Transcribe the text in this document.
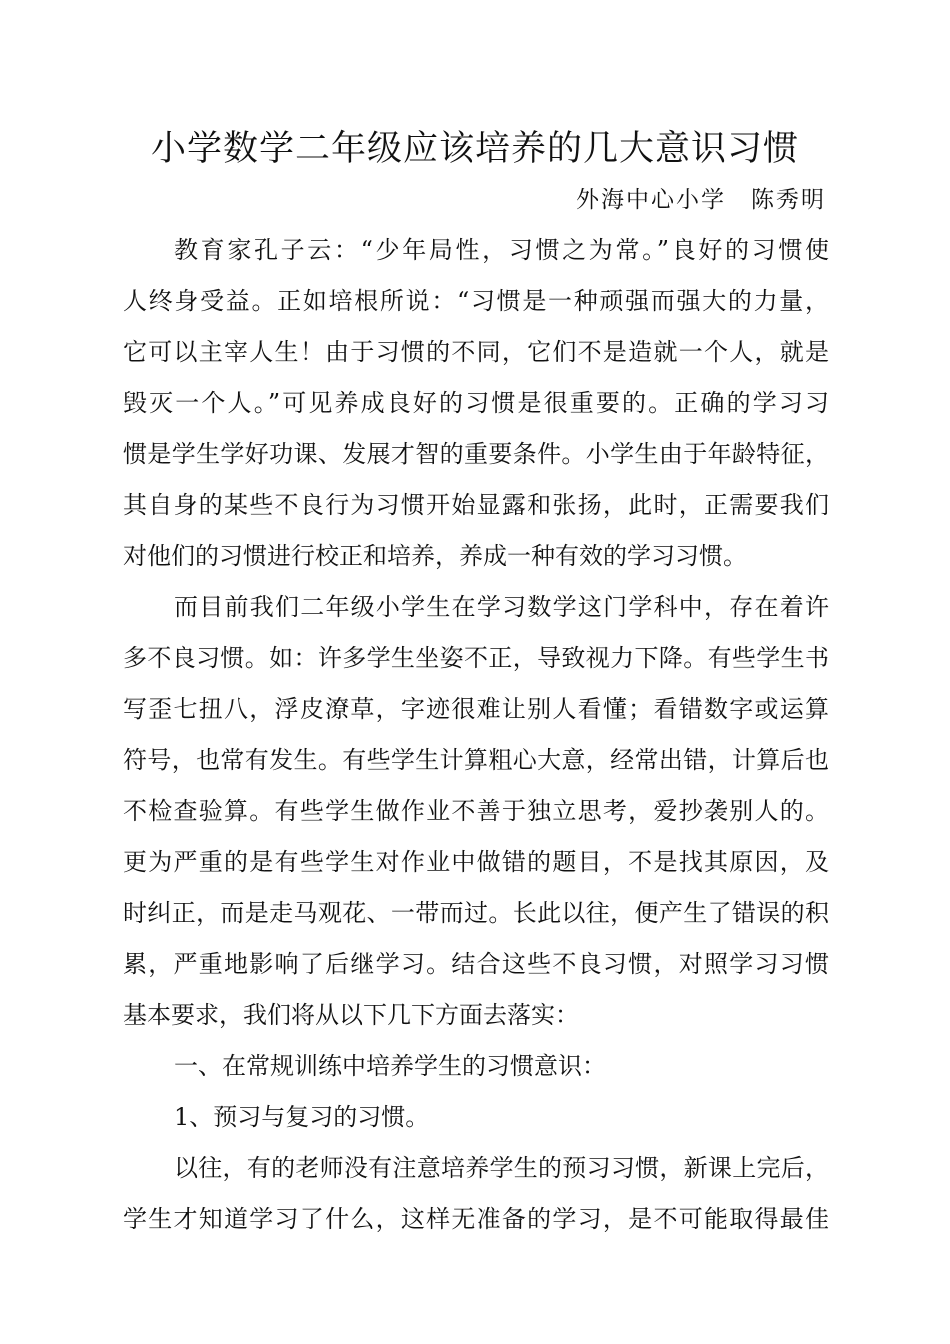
小学数学二年级应该培养的几大意识习惯
外海中心小学　陈秀明
教育家孔子云：“少年局性，习惯之为常。”良好的习惯使
人终身受益。正如培根所说：“习惯是一种顽强而强大的力量，
它可以主宰人生！由于习惯的不同，它们不是造就一个人，就是
毁灭一个人。”可见养成良好的习惯是很重要的。正确的学习习
惯是学生学好功课、发展才智的重要条件。小学生由于年龄特征，
其自身的某些不良行为习惯开始显露和张扬，此时，正需要我们
对他们的习惯进行校正和培养，养成一种有效的学习习惯。
而目前我们二年级小学生在学习数学这门学科中，存在着许
多不良习惯。如：许多学生坐姿不正，导致视力下降。有些学生书
写歪七扭八，浮皮潦草，字迹很难让别人看懂；看错数字或运算
符号，也常有发生。有些学生计算粗心大意，经常出错，计算后也
不检查验算。有些学生做作业不善于独立思考，爱抄袭别人的。
更为严重的是有些学生对作业中做错的题目，不是找其原因，及
时纠正，而是走马观花、一带而过。长此以往，便产生了错误的积
累，严重地影响了后继学习。结合这些不良习惯，对照学习习惯
基本要求，我们将从以下几下方面去落实：
一、在常规训练中培养学生的习惯意识：
1、预习与复习的习惯。
以往，有的老师没有注意培养学生的预习习惯，新课上完后，
学生才知道学习了什么，这样无准备的学习，是不可能取得最佳
